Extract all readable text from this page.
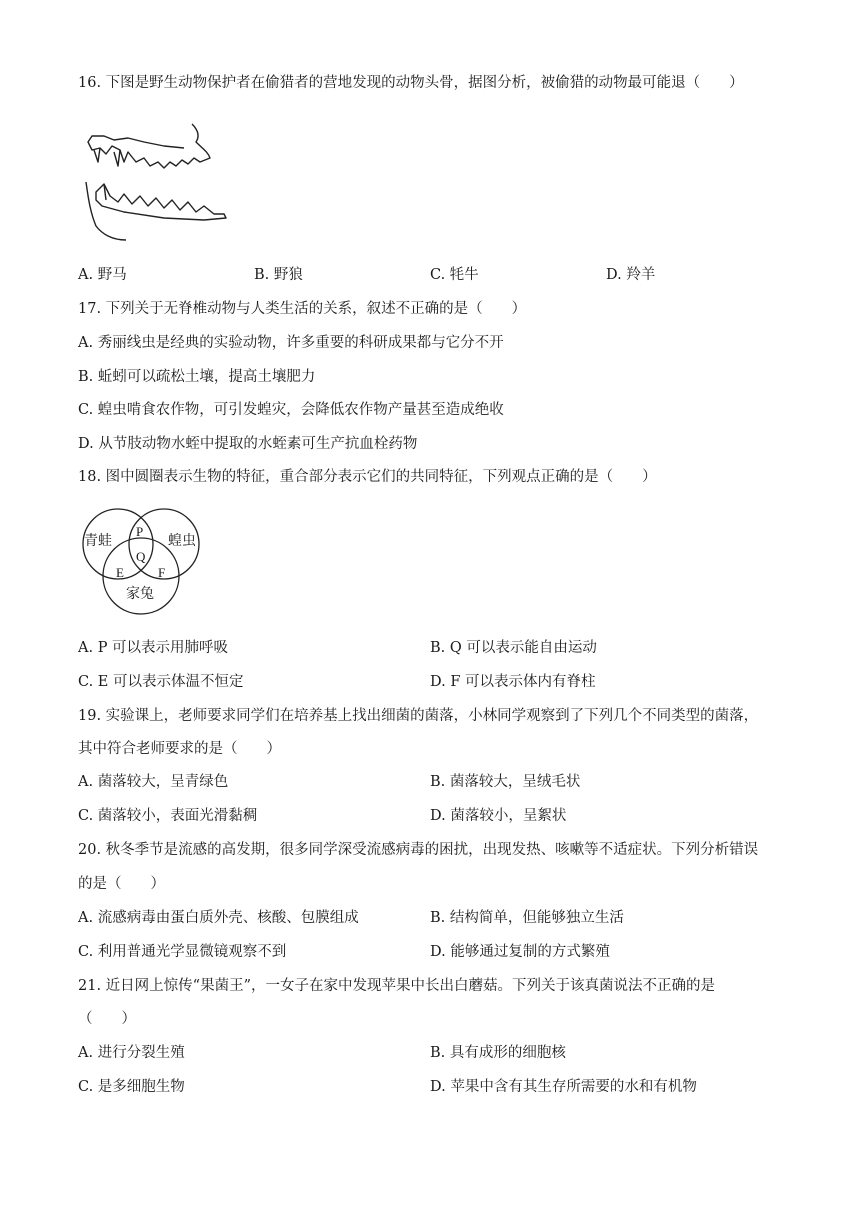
16. 下图是野生动物保护者在偷猎者的营地发现的动物头骨，据图分析，被偷猎的动物最可能退（　　）
A. 野马	B. 野狼	C. 牦牛	D. 羚羊
17. 下列关于无脊椎动物与人类生活的关系，叙述不正确的是（　　）
A. 秀丽线虫是经典的实验动物，许多重要的科研成果都与它分不开
B. 蚯蚓可以疏松土壤，提高土壤肥力
C. 蝗虫啃食农作物，可引发蝗灾，会降低农作物产量甚至造成绝收
D. 从节肢动物水蛭中提取的水蛭素可生产抗血栓药物
18. 图中圆圈表示生物的特征，重合部分表示它们的共同特征，下列观点正确的是（　　）
青蛙	蝗虫
家兔
P
Q
E	F
A. P 可以表示用肺呼吸	B. Q 可以表示能自由运动
C. E 可以表示体温不恒定	D. F 可以表示体内有脊柱
19. 实验课上，老师要求同学们在培养基上找出细菌的菌落，小林同学观察到了下列几个不同类型的菌落，
其中符合老师要求的是（　　）
A. 菌落较大，呈青绿色	B. 菌落较大，呈绒毛状
C. 菌落较小，表面光滑黏稠	D. 菌落较小，呈絮状
20. 秋冬季节是流感的高发期，很多同学深受流感病毒的困扰，出现发热、咳嗽等不适症状。下列分析错误
的是（　　）
A. 流感病毒由蛋白质外壳、核酸、包膜组成	B. 结构简单，但能够独立生活
C. 利用普通光学显微镜观察不到	D. 能够通过复制的方式繁殖
21. 近日网上惊传“果菌王”，一女子在家中发现苹果中长出白蘑菇。下列关于该真菌说法不正确的是
（　　）
A. 进行分裂生殖	B. 具有成形的细胞核
C. 是多细胞生物	D. 苹果中含有其生存所需要的水和有机物
